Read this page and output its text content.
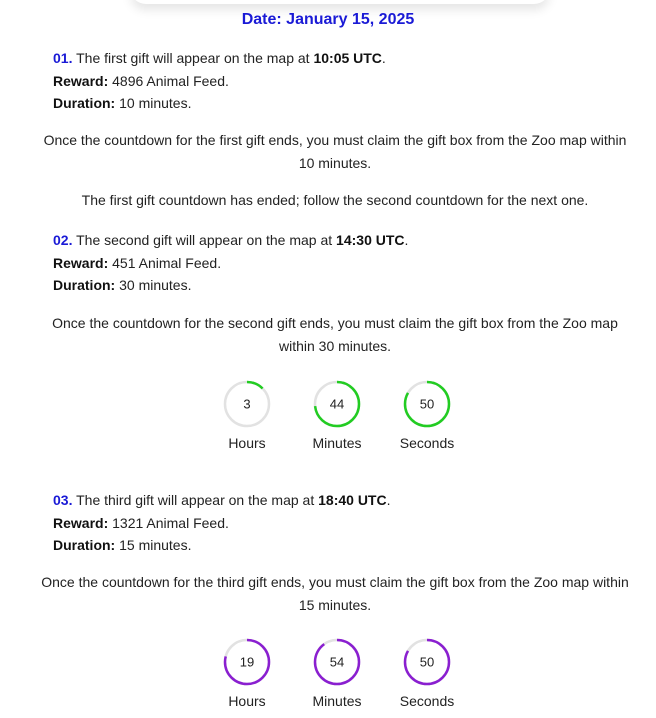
Date: January 15, 2025
01. The first gift will appear on the map at 10:05 UTC.
Reward: 4896 Animal Feed.
Duration: 10 minutes.
Once the countdown for the first gift ends, you must claim the gift box from the Zoo map within 10 minutes.
The first gift countdown has ended; follow the second countdown for the next one.
02. The second gift will appear on the map at 14:30 UTC.
Reward: 451 Animal Feed.
Duration: 30 minutes.
Once the countdown for the second gift ends, you must claim the gift box from the Zoo map within 30 minutes.
3
Hours
44
Minutes
50
Seconds
03. The third gift will appear on the map at 18:40 UTC.
Reward: 1321 Animal Feed.
Duration: 15 minutes.
Once the countdown for the third gift ends, you must claim the gift box from the Zoo map within 15 minutes.
19
Hours
54
Minutes
50
Seconds
